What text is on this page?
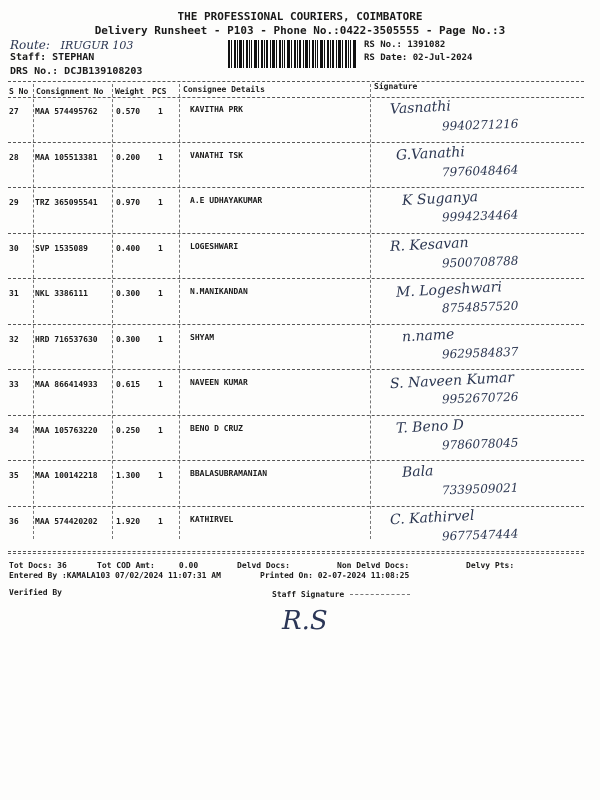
THE PROFESSIONAL COURIERS, COIMBATORE
Delivery Runsheet - P103 - Phone No.:0422-3505555 - Page No.:3
Route: IRUGUR 103
Staff: STEPHAN
DRS No.: DCJB139108203
RS No.: 1391082
RS Date: 02-Jul-2024
S No Consignment No Weight PCS Consignee Details	Signature
27 MAA 574495762 0.570 1	KAVITHA PRK	Vasnathi
9940271216
28 MAA 105513381 0.200 1	VANATHI TSK	G.Vanathi
7976048464
29 TRZ 365095541 0.970 1	A.E UDHAYAKUMAR	K Suganya
9994234464
30 SVP 1535089	0.400 1	LOGESHWARI	R. Kesavan
9500708788
31 NKL 3386111	0.300 1	N.MANIKANDAN	M. Logeshwari
8754857520
32 HRD 716537630 0.300 1	SHYAM	n.name
9629584837
33 MAA 866414933 0.615 1	NAVEEN KUMAR	S. Naveen Kumar
9952670726
34 MAA 105763220 0.250 1	BENO D CRUZ	T. Beno D
9786078045
35 MAA 100142218 1.300 1	BBALASUBRAMANIAN	Bala
7339509021
36 MAA 574420202 1.920 1	KATHIRVEL	C. Kathirvel
9677547444
Tot Docs: 36	Tot COD Amt:     0.00	Delvd Docs:	Non Delvd Docs:	Delvy Pts:
Entered By :KAMALA103 07/02/2024 11:07:31 AM	Printed On: 02-07-2024 11:08:25
Verified By	Staff Signature
R.S
